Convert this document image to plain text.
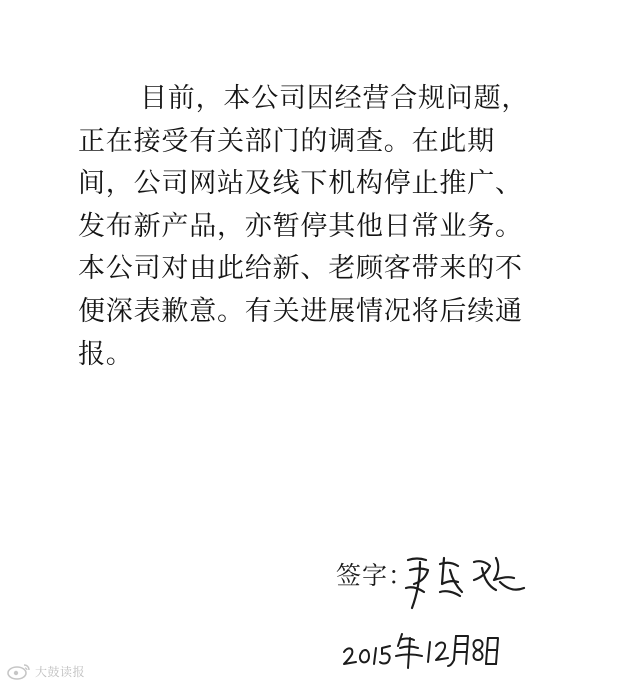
目前，本公司因经营合规问题，
正在接受有关部门的调查。在此期
间，公司网站及线下机构停止推广、
发布新产品，亦暂停其他日常业务。
本公司对由此给新、老顾客带来的不
便深表歉意。有关进展情况将后续通
报。
签字：
大鼓读报
